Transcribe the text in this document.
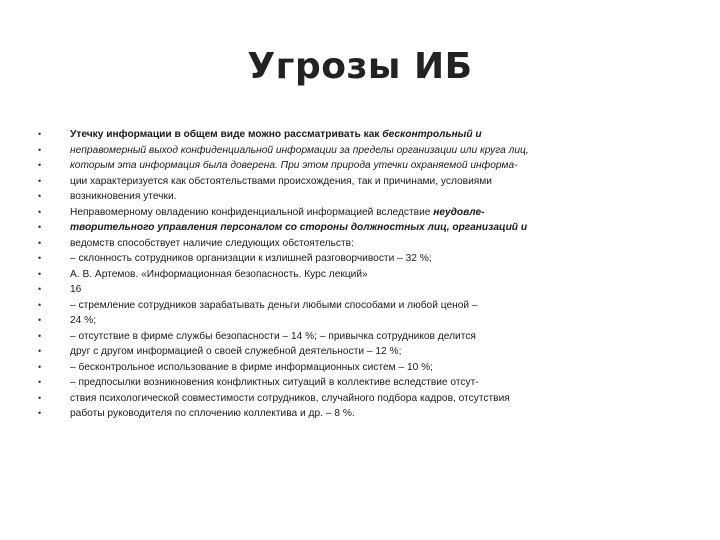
Угрозы ИБ
•	Утечку информации в общем виде можно рассматривать как бесконтрольный и
•	неправомерный выход конфиденциальной информации за пределы организации или круга лиц,
•	которым эта информация была доверена. При этом природа утечки охраняемой информа-
•	ции характеризуется как обстоятельствами происхождения, так и причинами, условиями
•	возникновения утечки.
•	Неправомерному овладению конфиденциальной информацией вследствие неудовле-
•	творительного управления персоналом со стороны должностных лиц, организаций и
•	ведомств способствует наличие следующих обстоятельств:
•	– склонность сотрудников организации к излишней разговорчивости – 32 %;
•	А. В. Артемов. «Информационная безопасность. Курс лекций»
•	16
•	– стремление сотрудников зарабатывать деньги любыми способами и любой ценой –
•	24 %;
•	– отсутствие в фирме службы безопасности – 14 %; – привычка сотрудников делится
•	друг с другом информацией о своей служебной деятельности – 12 %;
•	– бесконтрольное использование в фирме информационных систем – 10 %;
•	– предпосылки возникновения конфликтных ситуаций в коллективе вследствие отсут-
•	ствия психологической совместимости сотрудников, случайного подбора кадров, отсутствия
•	работы руководителя по сплочению коллектива и др. – 8 %.
